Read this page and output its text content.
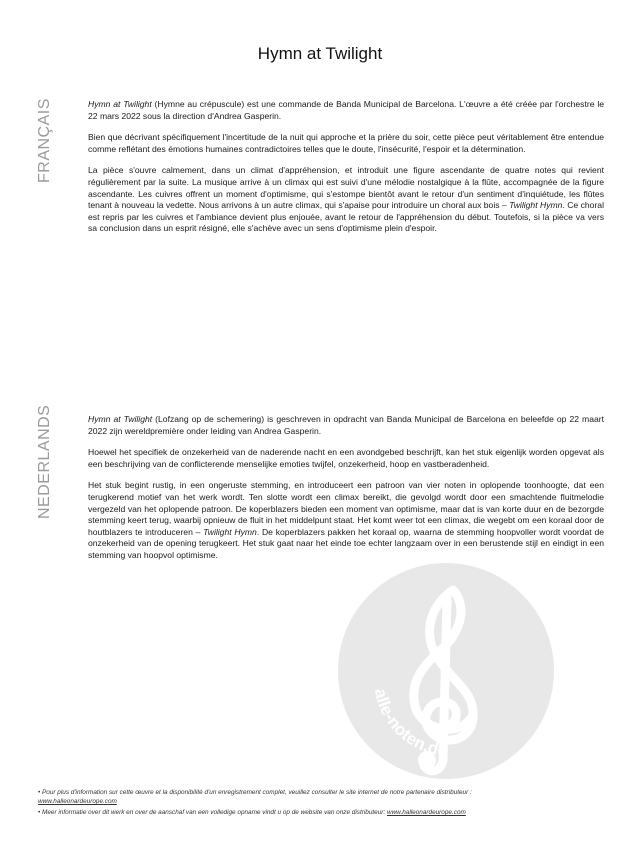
Hymn at Twilight
FRANÇAIS	Hymn at Twilight (Hymne au crépuscule) est une commande de Banda Municipal de Barcelona. L'œuvre a été créée par l'orchestre le 22 mars 2022 sous la direction d'Andrea Gasperin.

Bien que décrivant spécifiquement l'incertitude de la nuit qui approche et la prière du soir, cette pièce peut véritablement être entendue comme reflétant des émotions humaines contradictoires telles que le doute, l'insécurité, l'espoir et la détermination.

La pièce s'ouvre calmement, dans un climat d'appréhension, et introduit une figure ascendante de quatre notes qui revient régulièrement par la suite. La musique arrive à un climax qui est suivi d'une mélodie nostalgique à la flûte, accompagnée de la figure ascendante. Les cuivres offrent un moment d'optimisme, qui s'estompe bientôt avant le retour d'un sentiment d'inquiétude, les flûtes tenant à nouveau la vedette. Nous arrivons à un autre climax, qui s'apaise pour introduire un choral aux bois – Twilight Hymn. Ce choral est repris par les cuivres et l'ambiance devient plus enjouée, avant le retour de l'appréhension du début. Toutefois, si la pièce va vers sa conclusion dans un esprit résigné, elle s'achève avec un sens d'optimisme plein d'espoir.

NEDERLANDS	Hymn at Twilight (Lofzang op de schemering) is geschreven in opdracht van Banda Municipal de Barcelona en beleefde op 22 maart 2022 zijn wereldpremière onder leiding van Andrea Gasperin.

Hoewel het specifiek de onzekerheid van de naderende nacht en een avondgebed beschrijft, kan het stuk eigenlijk worden opgevat als een beschrijving van de conflicterende menselijke emoties twijfel, onzekerheid, hoop en vastberadenheid.

Het stuk begint rustig, in een ongeruste stemming, en introduceert een patroon van vier noten in oplopende toonhoogte, dat een terugkerend motief van het werk wordt. Ten slotte wordt een climax bereikt, die gevolgd wordt door een smachtende fluitmelodie vergezeld van het oplopende patroon. De koperblazers bieden een moment van optimisme, maar dat is van korte duur en de bezorgde stemming keert terug, waarbij opnieuw de fluit in het middelpunt staat. Het komt weer tot een climax, die wegebt om een koraal door de houtblazers te introduceren – Twilight Hymn. De koperblazers pakken het koraal op, waarna de stemming hoopvoller wordt voordat de onzekerheid van de opening terugkeert. Het stuk gaat naar het einde toe echter langzaam over in een berustende stijl en eindigt in een stemming van hoopvol optimisme.

alle-noten.de

• Pour plus d'information sur cette œuvre et la disponibilité d'un enregistrement complet, veuillez consulter le site internet de notre partenaire distributeur :
www.halleonardeurope.com

• Meer informatie over dit werk en over de aanschaf van een volledige opname vindt u op de website van onze distributeur: www.halleonardeurope.com
